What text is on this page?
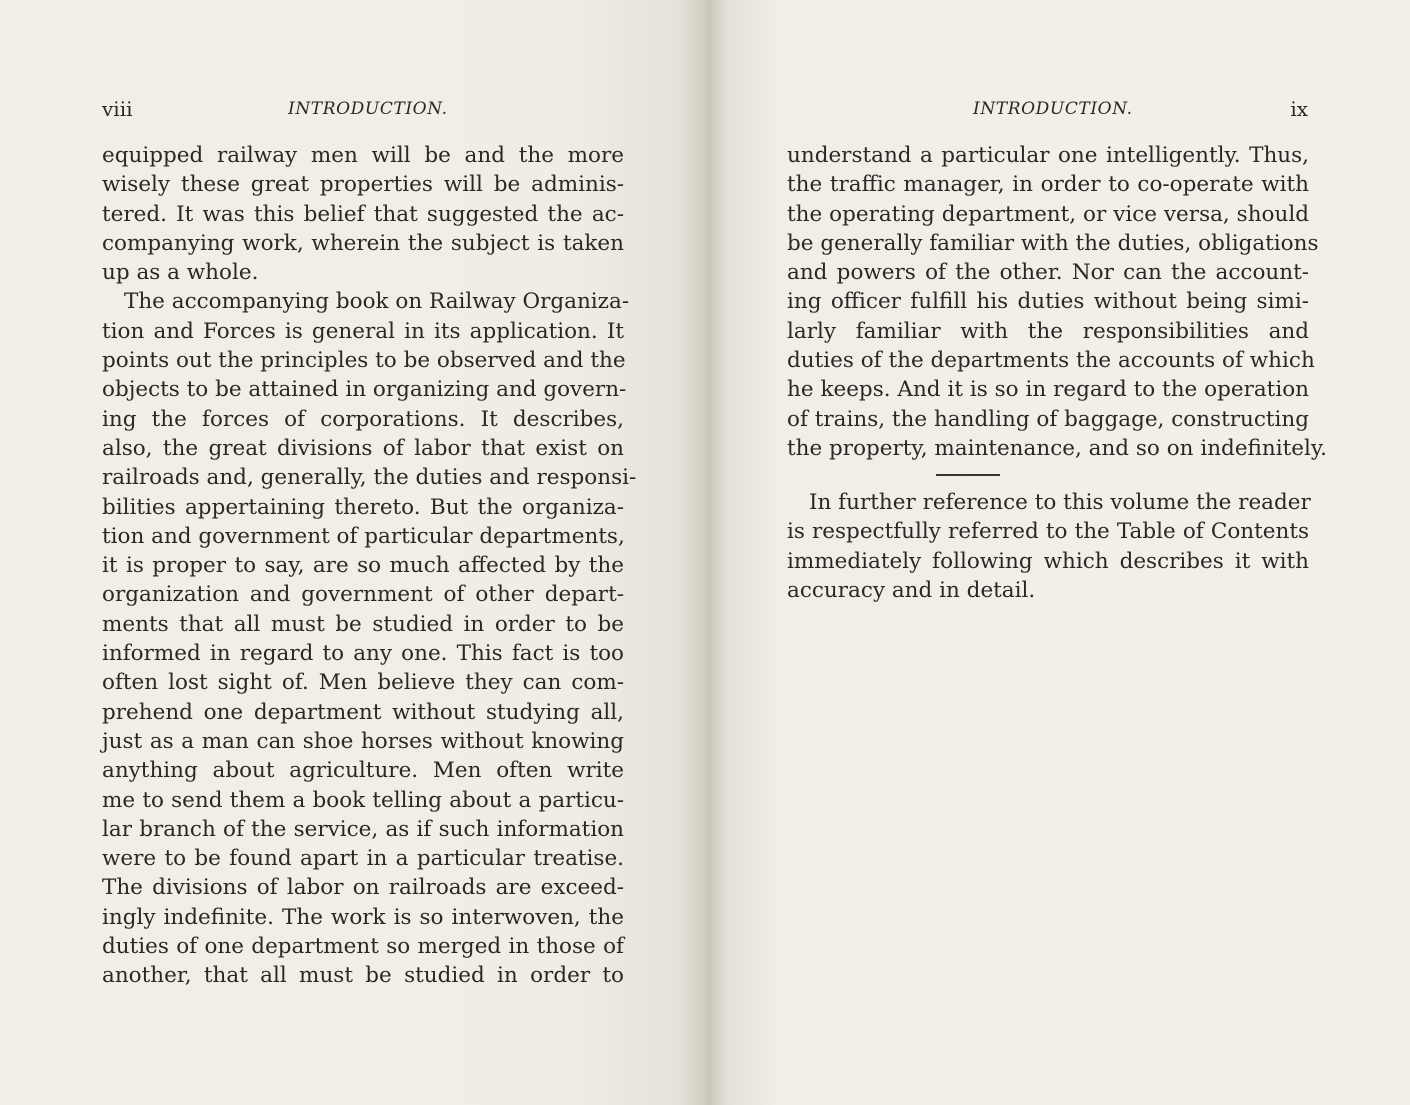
viii	INTRODUCTION.
equipped railway men will be and the more
wisely these great properties will be adminis-
tered. It was this belief that suggested the ac-
companying work, wherein the subject is taken
up as a whole.
The accompanying book on Railway Organiza-
tion and Forces is general in its application. It
points out the principles to be observed and the
objects to be attained in organizing and govern-
ing the forces of corporations. It describes,
also, the great divisions of labor that exist on
railroads and, generally, the duties and responsi-
bilities appertaining thereto. But the organiza-
tion and government of particular departments,
it is proper to say, are so much affected by the
organization and government of other depart-
ments that all must be studied in order to be
informed in regard to any one. This fact is too
often lost sight of. Men believe they can com-
prehend one department without studying all,
just as a man can shoe horses without knowing
anything about agriculture. Men often write
me to send them a book telling about a particu-
lar branch of the service, as if such information
were to be found apart in a particular treatise.
The divisions of labor on railroads are exceed-
ingly indefinite. The work is so interwoven, the
duties of one department so merged in those of
another, that all must be studied in order to
INTRODUCTION.	ix
understand a particular one intelligently. Thus,
the traffic manager, in order to co-operate with
the operating department, or vice versa, should
be generally familiar with the duties, obligations
and powers of the other. Nor can the account-
ing officer fulfill his duties without being simi-
larly familiar with the responsibilities and
duties of the departments the accounts of which
he keeps. And it is so in regard to the operation
of trains, the handling of baggage, constructing
the property, maintenance, and so on indefinitely.
In further reference to this volume the reader
is respectfully referred to the Table of Contents
immediately following which describes it with
accuracy and in detail.
